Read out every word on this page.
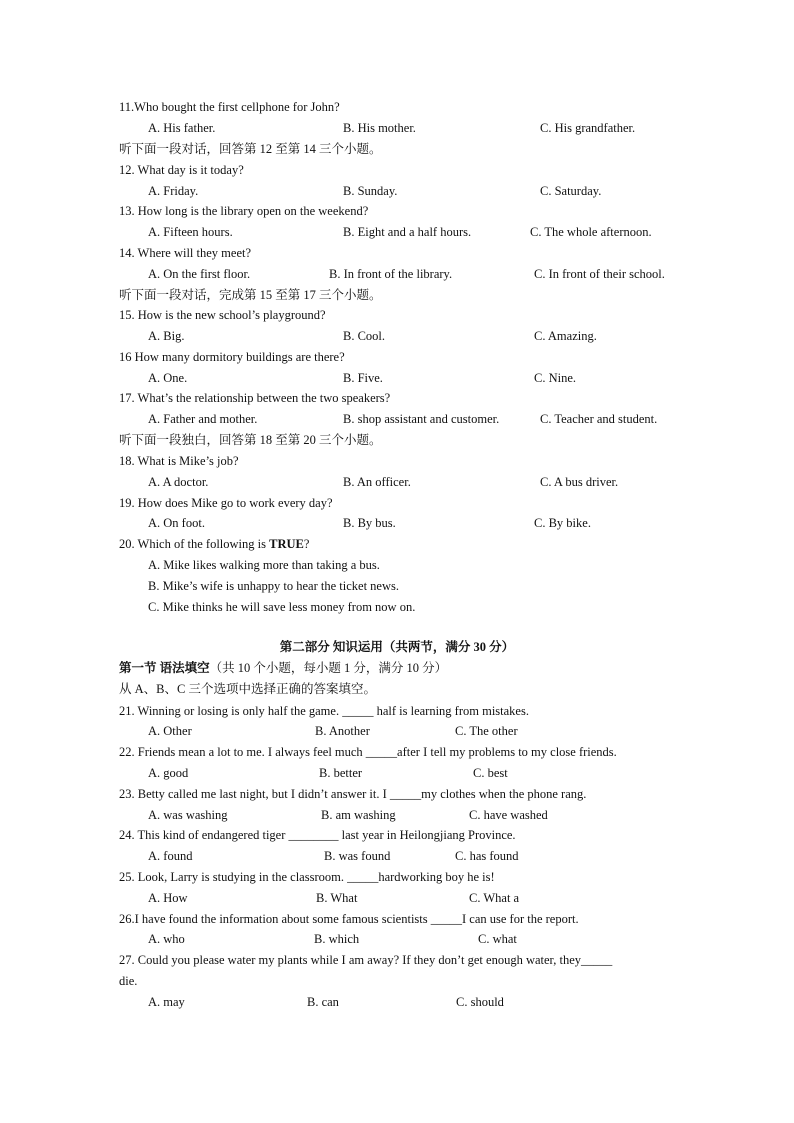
11.Who bought the first cellphone for John?
A. His father.	B. His mother.	C. His grandfather.
听下面一段对话，回答第 12 至第 14 三个小题。
12. What day is it today?
A. Friday.	B. Sunday.	C. Saturday.
13. How long is the library open on the weekend?
A. Fifteen hours.	B. Eight and a half hours.	C. The whole afternoon.
14. Where will they meet?
A. On the first floor.	B. In front of the library.	C. In front of their school.
听下面一段对话，完成第 15 至第 17 三个小题。
15. How is the new school’s playground?
A. Big.	B. Cool.	C. Amazing.
16 How many dormitory buildings are there?
A. One.	B. Five.	C. Nine.
17. What’s the relationship between the two speakers?
A. Father and mother.	B. shop assistant and customer.	C. Teacher and student.
听下面一段独白，回答第 18 至第 20 三个小题。
18. What is Mike’s job?
A. A doctor.	B. An officer.	C. A bus driver.
19. How does Mike go to work every day?
A. On foot.	B. By bus.	C. By bike.
20. Which of the following is TRUE?
A. Mike likes walking more than taking a bus.
B. Mike’s wife is unhappy to hear the ticket news.
C. Mike thinks he will save less money from now on.
第二部分 知识运用（共两节，满分 30 分）
第一节 语法填空（共 10 个小题，每小题 1 分，满分 10 分）
从 A、B、C 三个选项中选择正确的答案填空。
21. Winning or losing is only half the game. _____ half is learning from mistakes.
A. Other	B. Another	C. The other
22. Friends mean a lot to me. I always feel much _____after I tell my problems to my close friends.
A. good	B. better	C. best
23. Betty called me last night, but I didn’t answer it. I _____my clothes when the phone rang.
A. was washing	B. am washing	C. have washed
24. This kind of endangered tiger ________ last year in Heilongjiang Province.
A. found	B. was found	C. has found
25. Look, Larry is studying in the classroom. _____hardworking boy he is!
A. How	B. What	C. What a
26.I have found the information about some famous scientists _____I can use for the report.
A. who	B. which	C. what
27. Could you please water my plants while I am away? If they don’t get enough water, they_____
die.
A. may	B. can	C. should
